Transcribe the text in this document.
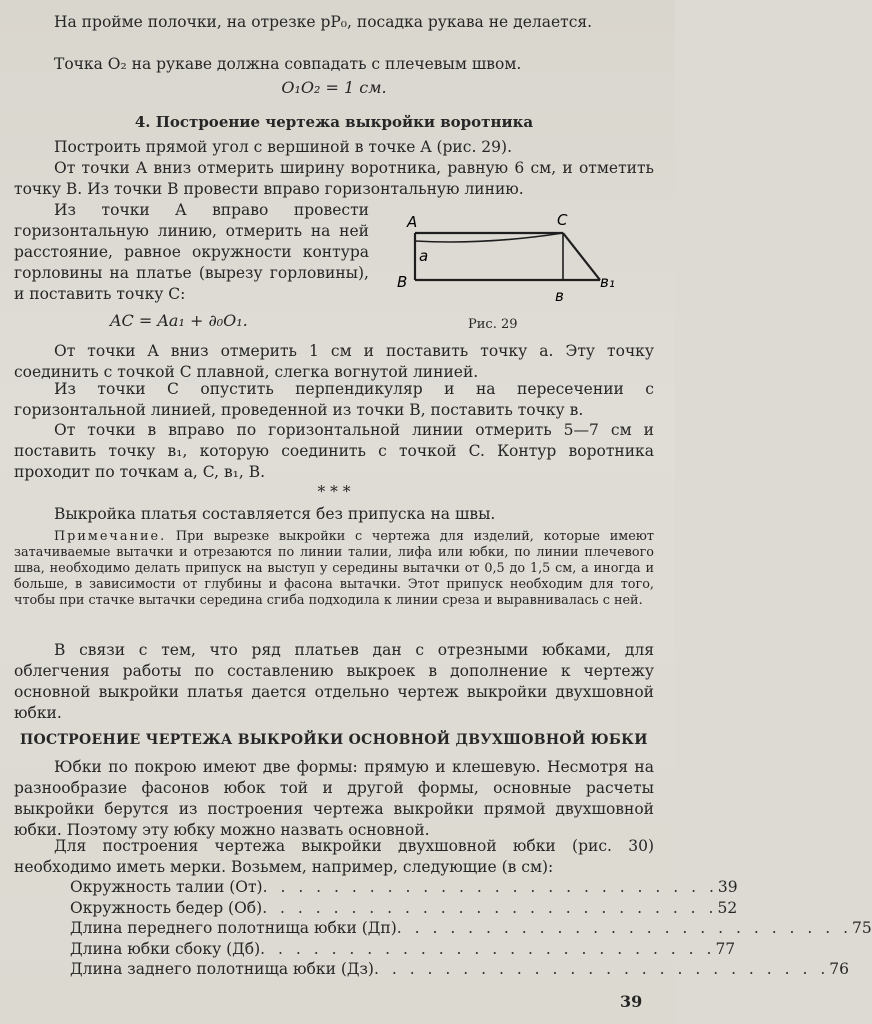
На пройме полочки, на отрезке pP₀, посадка рукава не делается.

Точка O₂ на рукаве должна совпадать с плечевым швом.

O₁O₂ = 1 см.

4. Построение чертежа выкройки воротника

Построить прямой угол с вершиной в точке A (рис. 29).

От точки A вниз отмерить ширину воротника, равную 6 см, и отметить точку B. Из точки B провести вправо горизонтальную линию.

Из точки A вправо провести горизонтальную линию, отмерить на ней расстояние, равное окружности контура горловины на платье (вырезу горловины), и поставить точку C:

AC = Aa₁ + ∂₀O₁.

A	C
a
B
в
в₁

Рис. 29

От точки A вниз отмерить 1 см и поставить точку a. Эту точку соединить с точкой C плавной, слегка вогнутой линией.

Из точки C опустить перпендикуляр и на пересечении с горизонтальной линией, проведенной из точки B, поставить точку в.

От точки в вправо по горизонтальной линии отмерить 5—7 см и поставить точку в₁, которую соединить с точкой C. Контур воротника проходит по точкам a, C, в₁, B.

* * *

Выкройка платья составляется без припуска на швы.

Примечание. При вырезке выкройки с чертежа для изделий, которые имеют затачиваемые вытачки и отрезаются по линии талии, лифа или юбки, по линии плечевого шва, необходимо делать припуск на выступ у середины вытачки от 0,5 до 1,5 см, а иногда и больше, в зависимости от глубины и фасона вытачки. Этот припуск необходим для того, чтобы при стачке вытачки середина сгиба подходила к линии среза и выравнивалась с ней.

В связи с тем, что ряд платьев дан с отрезными юбками, для облегчения работы по составлению выкроек в дополнение к чертежу основной выкройки платья дается отдельно чертеж выкройки двухшовной юбки.

ПОСТРОЕНИЕ ЧЕРТЕЖА ВЫКРОЙКИ ОСНОВНОЙ ДВУХШОВНОЙ ЮБКИ

Юбки по покрою имеют две формы: прямую и клешевую. Несмотря на разнообразие фасонов юбок той и другой формы, основные расчеты выкройки берутся из построения чертежа выкройки прямой двухшовной юбки. Поэтому эту юбку можно назвать основной.

Для построения чертежа выкройки двухшовной юбки (рис. 30) необходимо иметь мерки. Возьмем, например, следующие (в см):

Окружность талии (От) . . . . . . . . . . . . . . . . . . . . . . . . . . 39
Окружность бедер (Об) . . . . . . . . . . . . . . . . . . . . . . . . . . 52
Длина переднего полотнища юбки (Дп) . . . . . . . . . . . . . . . . . . . . . . . . . . 75
Длина юбки сбоку (Дб) . . . . . . . . . . . . . . . . . . . . . . . . . . 77
Длина заднего полотнища юбки (Дз) . . . . . . . . . . . . . . . . . . . . . . . . . . 76
39
